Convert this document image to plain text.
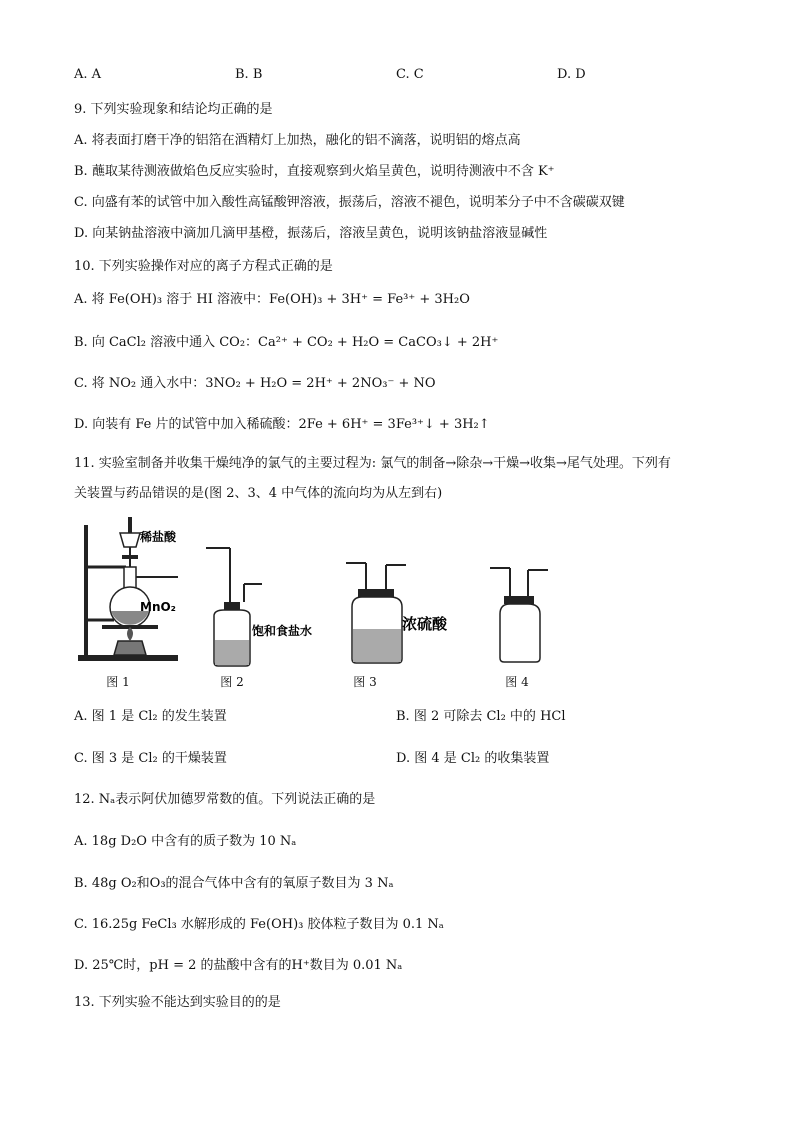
A. A	B. B	C. C	D. D
9. 下列实验现象和结论均正确的是
A. 将表面打磨干净的铝箔在酒精灯上加热，融化的铝不滴落，说明铝的熔点高
B. 蘸取某待测液做焰色反应实验时，直接观察到火焰呈黄色，说明待测液中不含 K⁺
C. 向盛有苯的试管中加入酸性高锰酸钾溶液，振荡后，溶液不褪色，说明苯分子中不含碳碳双键
D. 向某钠盐溶液中滴加几滴甲基橙，振荡后，溶液呈黄色，说明该钠盐溶液显碱性
10. 下列实验操作对应的离子方程式正确的是
A. 将 Fe(OH)₃ 溶于 HI 溶液中：Fe(OH)₃ + 3H⁺ = Fe³⁺ + 3H₂O
B. 向 CaCl₂ 溶液中通入 CO₂：Ca²⁺ + CO₂ + H₂O = CaCO₃↓ + 2H⁺
C. 将 NO₂ 通入水中：3NO₂ + H₂O = 2H⁺ + 2NO₃⁻ + NO
D. 向装有 Fe 片的试管中加入稀硫酸：2Fe + 6H⁺ = 3Fe³⁺↓ + 3H₂↑
11. 实验室制备并收集干燥纯净的氯气的主要过程为: 氯气的制备→除杂→干燥→收集→尾气处理。下列有
关装置与药品错误的是(图 2、3、4 中气体的流向均为从左到右)
稀盐酸
MnO₂
饱和食盐水	浓硫酸
图 1	图 2	图 3	图 4
A. 图 1 是 Cl₂ 的发生装置	B. 图 2 可除去 Cl₂ 中的 HCl
C. 图 3 是 Cl₂ 的干燥装置	D. 图 4 是 Cl₂ 的收集装置
12. Nₐ表示阿伏加德罗常数的值。下列说法正确的是
A. 18g D₂O 中含有的质子数为 10 Nₐ
B. 48g O₂和O₃的混合气体中含有的氧原子数目为 3 Nₐ
C. 16.25g FeCl₃ 水解形成的 Fe(OH)₃ 胶体粒子数目为 0.1 Nₐ
D. 25℃时，pH = 2 的盐酸中含有的H⁺数目为 0.01 Nₐ
13. 下列实验不能达到实验目的的是
